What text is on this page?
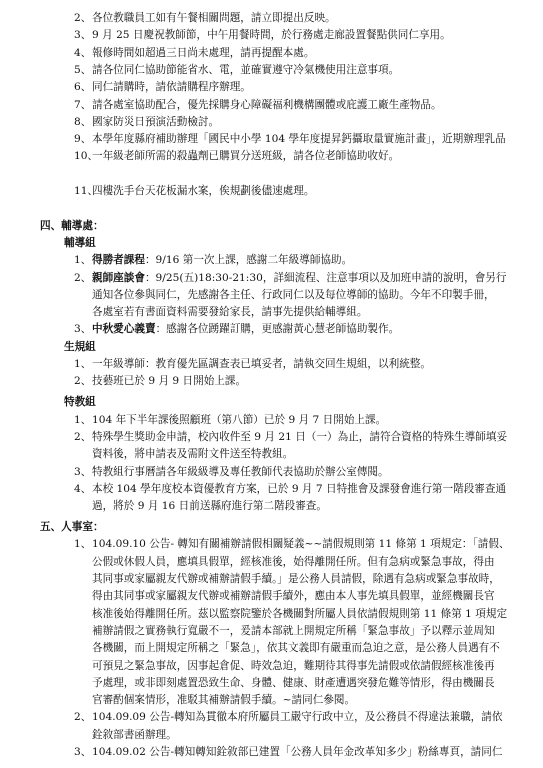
2、 各位教職員工如有午餐相關問題，請立即提出反映。
3、 9 月 25 日慶祝教師節，中午用餐時間，於行務處走廊設置餐點供同仁享用。
4、 報修時間如超過三日尚未處理，請再提醒本處。
5、 請各位同仁協助節能省水、電，並確實遵守冷氣機使用注意事項。
6、 同仁請購時，請依請購程序辦理。
7、 請各處室協助配合，優先採購身心障礙福利機構團體或庇護工廠生產物品。
8、 國家防災日預演活動檢討。
9、 本學年度縣府補助辦理「國民中小學 104 學年度提昇鈣攝取量實施計畫」，近期辦理乳品
10、
一年級老師所需的殺蟲劑已購買分送班級，請各位老師協助收好。
11、
四樓洗手台天花板漏水案，俟規劃後儘速處理。
四、輔導處：
輔導組
1、 得勝者課程：9/16 第一次上課，感謝二年級導師協助。
2、 親師座談會：9/25(五)18:30-21:30，詳細流程、注意事項以及加班申請的說明，會另行
通知各位參與同仁，先感謝各主任、行政同仁以及每位導師的協助。今年不印製手冊，
各處室若有書面資料需要發給家長，請事先提供給輔導組。
3、 中秋愛心義賣：感謝各位踴躍訂購，更感謝黃心慧老師協助製作。
生規組
1、 一年級導師：教育優先區調查表已填妥者，請執交回生規組，以利統整。
2、 技藝班已於 9 月 9 日開始上課。
特教組
1、 104 年下半年課後照顧班（第八節）已於 9 月 7 日開始上課。
2、 特殊學生獎助金申請，校內收件至 9 月 21 日（一）為止，請符合資格的特殊生導師填妥
資料後，將申請表及需附文件送至特教組。
3、 特教組行事曆請各年級級導及專任教師代表協助於辦公室傳閱。
4、 本校 104 學年度校本資優教育方案，已於 9 月 7 日特推會及課發會進行第一階段審查通
過，將於 9 月 16 日前送縣府進行第二階段審查。
五、人事室：
1、 104.09.10 公告- 轉知有關補辦請假相關疑義~~請假規則第 11 條第 1 項規定：「請假、
公假或休假人員，應填具假單，經核准後，始得離開任所。但有急病或緊急事故，得由
其同事或家屬親友代辦或補辦請假手續。」是公務人員請假，除遇有急病或緊急事故時，
得由其同事或家屬親友代辦或補辦請假手續外，應由本人事先填具假單，並經機關長官
核准後始得離開任所。茲以監察院鑒於各機關對所屬人員依請假規則第 11 條第 1 項規定
補辦請假之實務執行寬嚴不一，爰請本部就上開規定所稱「緊急事故」予以釋示並周知
各機關，而上開規定所稱之「緊急」，依其文義即有嚴重而急迫之意，是公務人員遇有不
可預見之緊急事故，因事起倉促、時效急迫，難期待其得事先請假或依請假經核准後再
予處理，或非即刻處置恐致生命、身體、健康、財產遭遇突發危難等情形，得由機關長
官審酌個案情形，准駁其補辦請假手續。~請同仁參閱。
2、 104.09.09 公告-轉知為貫徹本府所屬員工嚴守行政中立，及公務員不得違法兼職，請依
銓敘部書函辦理。
3、 104.09.02 公告-轉知轉知銓敘部已建置「公務人員年金改革知多少」粉絲專頁，請同仁
